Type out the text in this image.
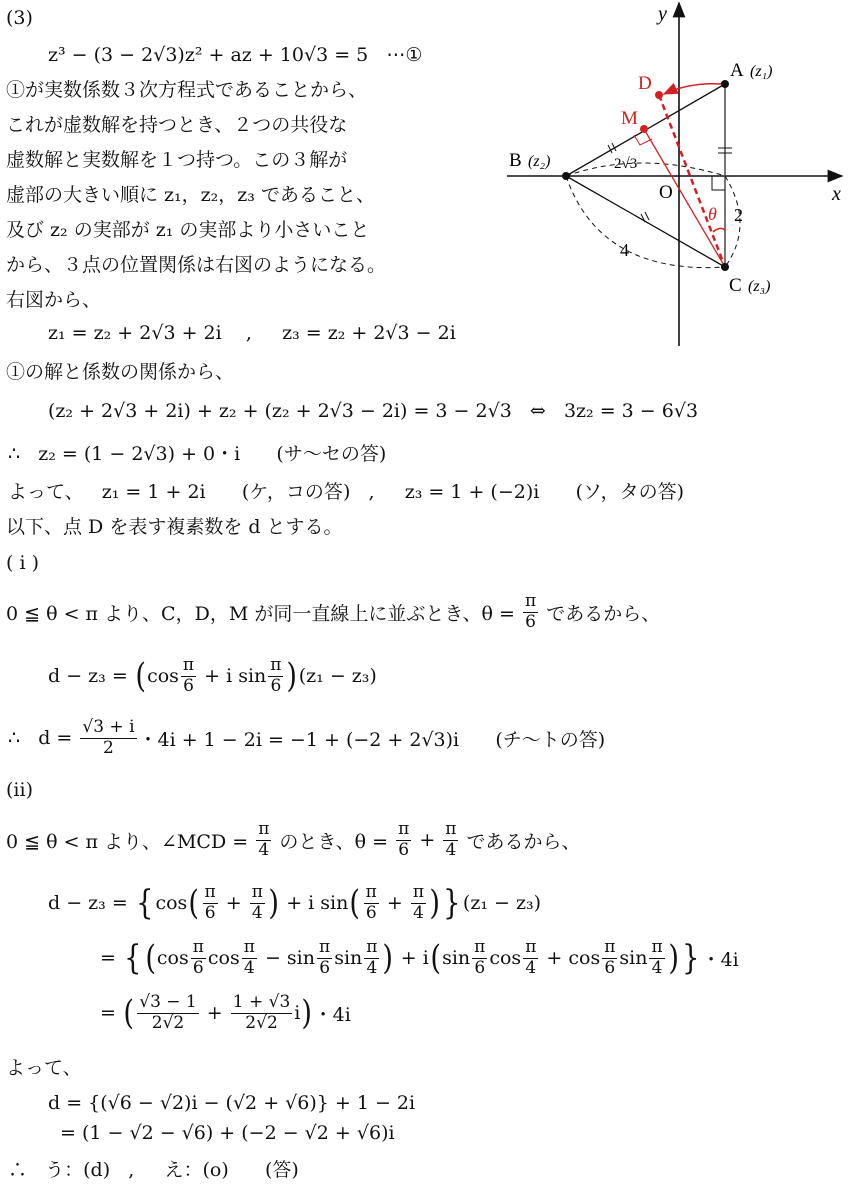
y
x
O
A (z₁)
B (z₂)
C (z₃)
D
M
2√3
2
4
θ
(3)
z³ − (3 − 2√3)z² + az + 10√3 = 5   ⋯①
①が実数係数３次方程式であることから、
これが虚数解を持つとき、２つの共役な
虚数解と実数解を１つ持つ。この３解が
虚部の大きい順に z₁，z₂，z₃ であること、
及び z₂ の実部が z₁ の実部より小さいこと
から、３点の位置関係は右図のようになる。
右図から、
z₁ = z₂ + 2√3 + 2i    ,     z₃ = z₂ + 2√3 − 2i
①の解と係数の関係から、
(z₂ + 2√3 + 2i) + z₂ + (z₂ + 2√3 − 2i) = 3 − 2√3   ⇔   3z₂ = 3 − 6√3
∴   z₂ = (1 − 2√3) + 0・i      (サ～セの答)
よって、   z₁ = 1 + 2i      (ケ，コの答)   ,     z₃ = 1 + (−2)i      (ソ，タの答)
以下、点 D を表す複素数を d とする。
( i )
0 ≦ θ < π より、C，D，M が同一直線上に並ぶとき、$\theta = \frac{\pi}{6}$ であるから、
d − z₃ = ( $\cos \frac{\pi}{6} + i$ $\sin \frac{\pi}{6}$ ) (z₁ − z₃)
∴   $d = \frac{√3 + i}{2}$ ・4i + 1 − 2i = −1 + (−2 + 2√3)i      (チ～トの答)
(ii)
0 ≦ θ < π より、∠MCD = $\frac{\pi}{4}$ のとき、$\theta = \frac{\pi}{6} + \frac{\pi}{4}$ であるから、
d − z₃ = { cos ( $\frac{\pi}{6} + \frac{\pi}{4}$ ) + i sin ( $\frac{\pi}{6} + \frac{\pi}{4}$ ) } (z₁ − z₃)
= { ( $\cos \frac{\pi}{6}$ $\cos \frac{\pi}{4} - \sin \frac{\pi}{6}$ $\sin \frac{\pi}{4}$ ) + i ( $\sin \frac{\pi}{6}$ $\cos \frac{\pi}{4} + \cos \frac{\pi}{6}$ $\sin \frac{\pi}{4}$ ) } ・4i
= ( $\frac{√3 - 1}{2√2} + \frac{1 + √3}{2√2}$ i ) ・4i
よって、
d = {(√6 − √2)i − (√2 + √6)} + 1 − 2i
= (1 − √2 − √6) + (−2 − √2 + √6)i
∴   う：(d)   ,     え：(o)      (答)
